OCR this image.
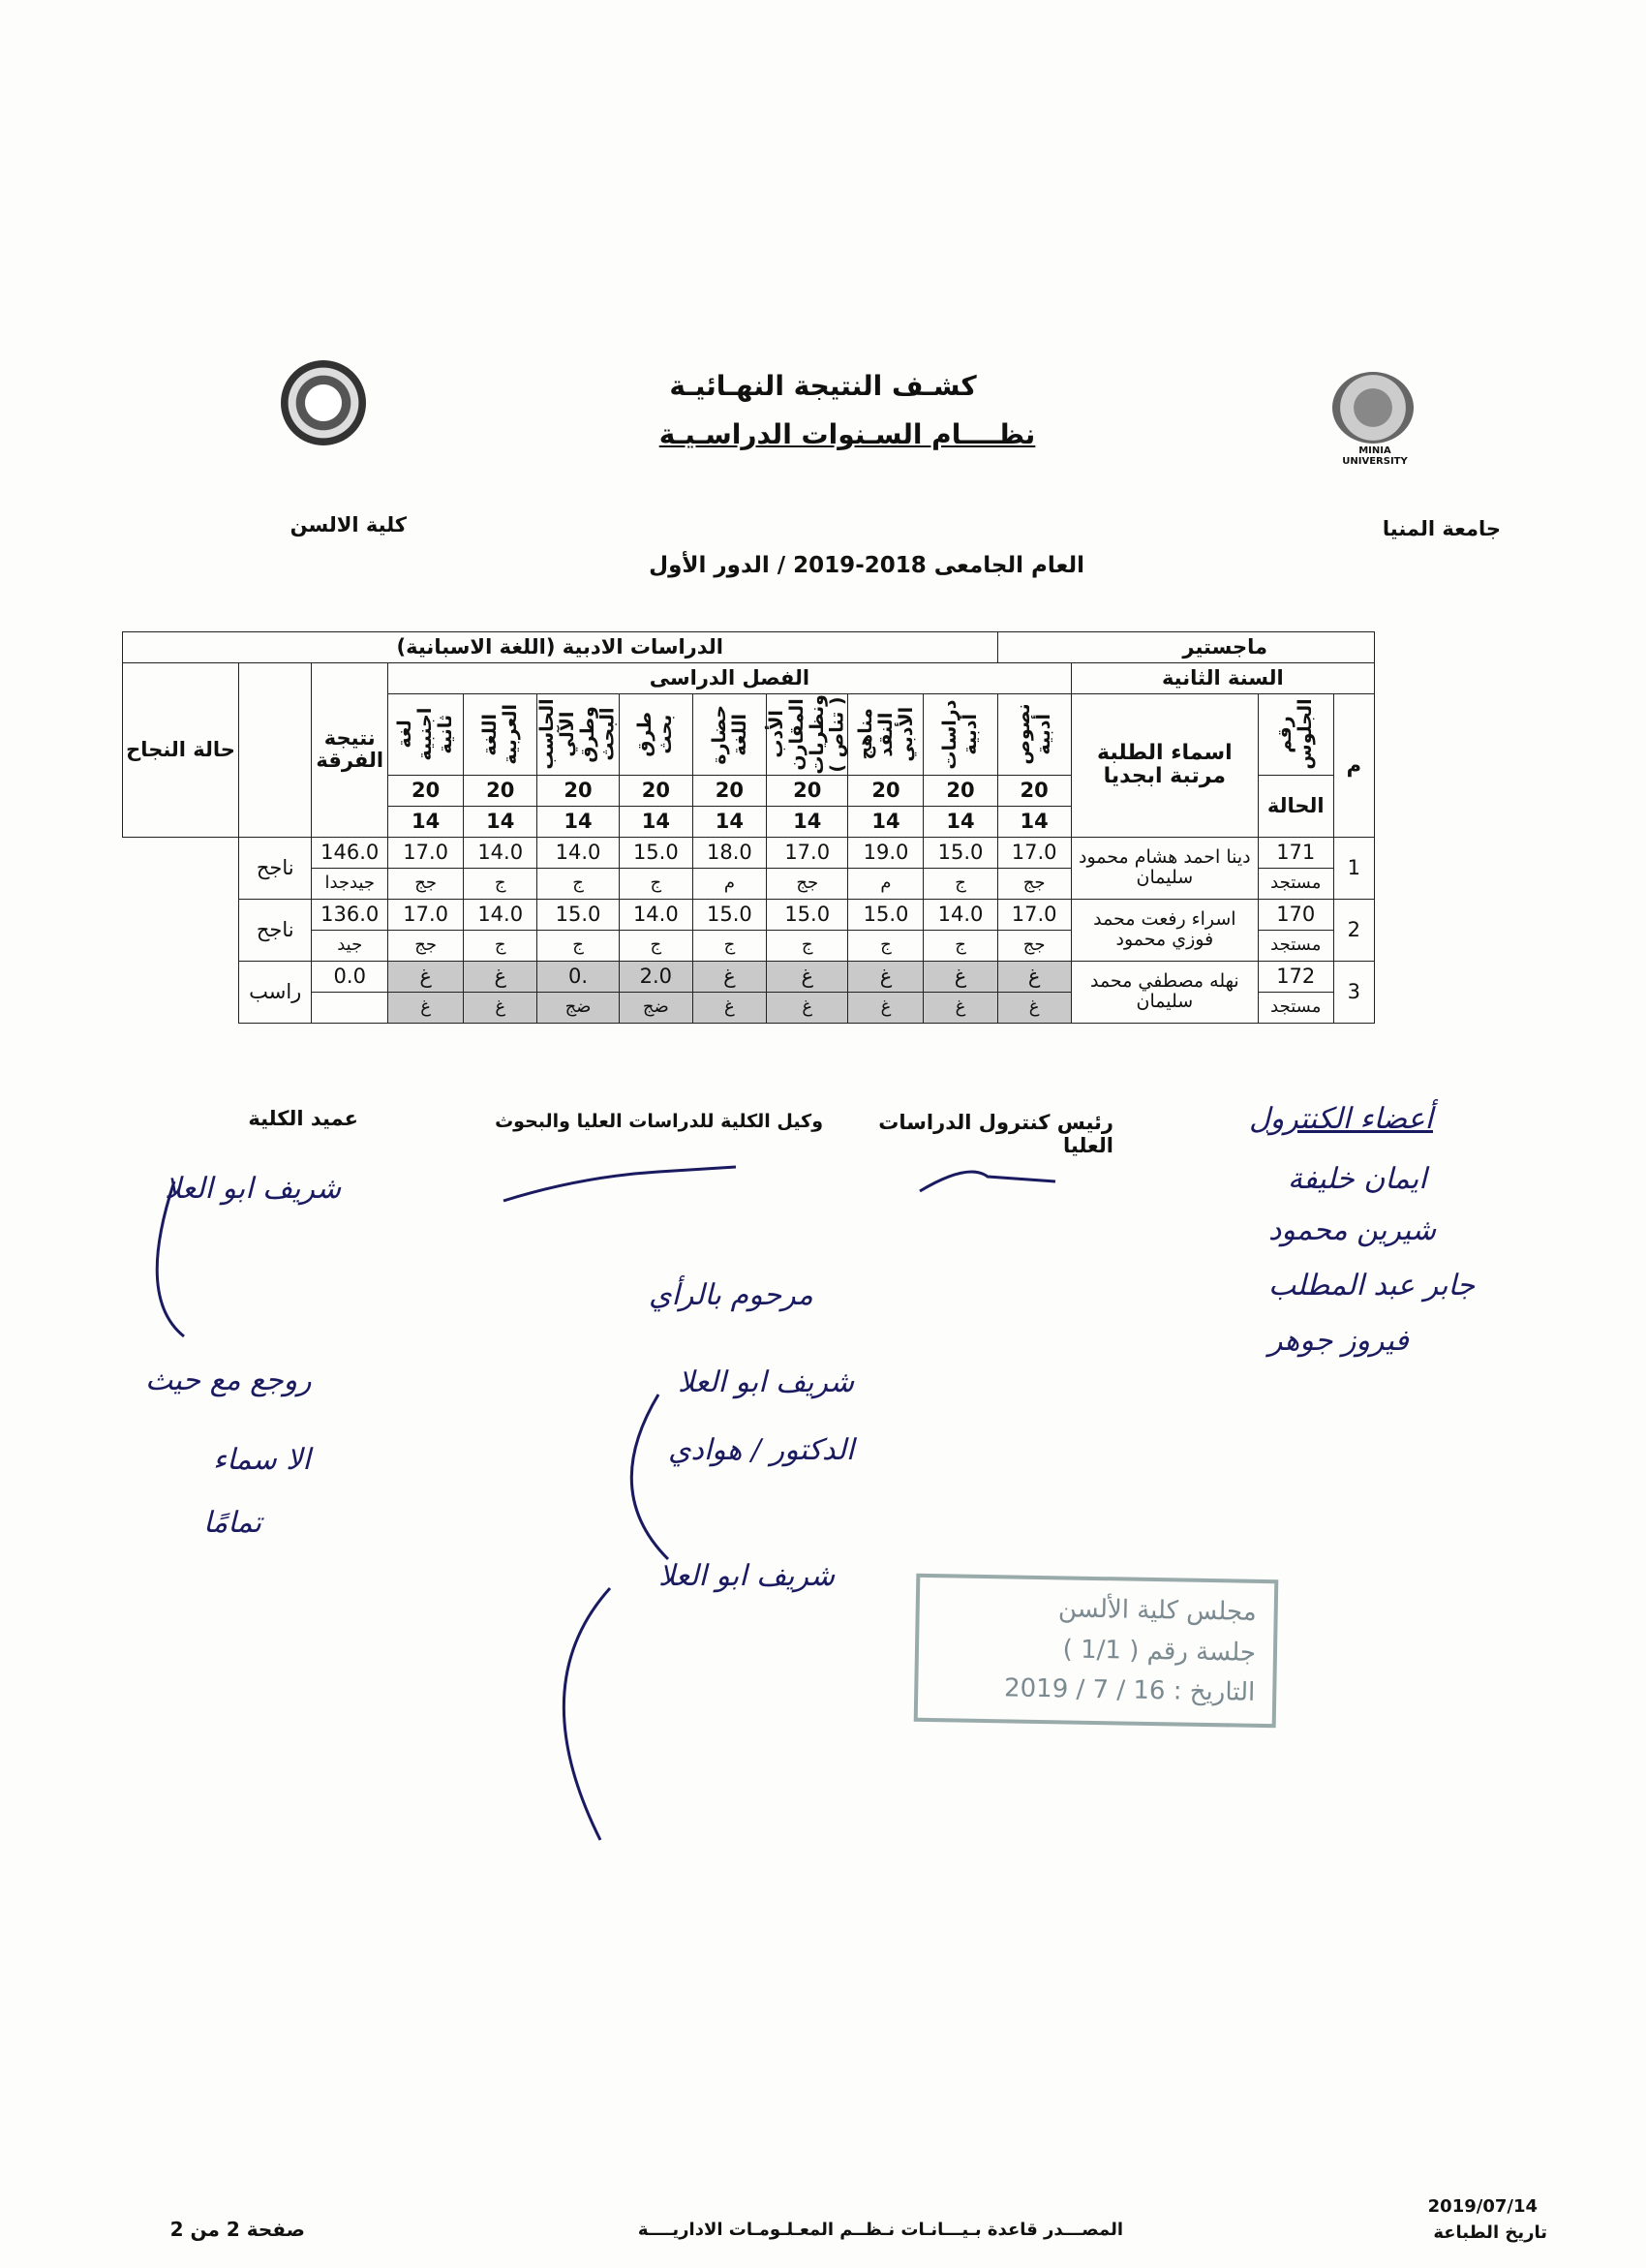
MINIA UNIVERSITY
كشـف النتيجة النهـائيـة
نظــــام السـنوات الدراسـيـة
جامعة المنيا
كلية الالسن
العام الجامعى 2018-2019 / الدور الأول
ماجستير				الدراسات الادبية (اللغة الاسبانية)										
السنة الثانية			الفصل الدراسى									نتيجة الفرقة		حالة النجاح
م	رقم الجلوس	اسماء الطلبة مرتبة ابجديا	نصوص أدبية	دراسات أدبية	مناهج النقد الأدبي	الأدب المقارن ونظريات ( تناص )	حضارة اللغة	طرق بحث	الحاسب الآلي وطرق البحث	اللغة العربية	لغة اجنبية ثانية			

	الحالة		20	20	20	20	20	20	20	20	20			
			14	14	14	14	14	14	14	14	14			
1	171	دينا احمد هشام محمود سليمان	17.0	15.0	19.0	17.0	18.0	15.0	14.0	14.0	17.0	146.0	ناجح	
	مستجد		جج	ج	م	جج	م	ج	ج	ج	جج	جيدجدا		
2	170	اسراء رفعت محمد فوزي محمود	17.0	14.0	15.0	15.0	15.0	14.0	15.0	14.0	17.0	136.0	ناجح	
	مستجد		جج	ج	ج	ج	ج	ج	ج	ج	جج	جيد		
3	172	نهله مصطفي محمد سليمان	غ	غ	غ	غ	غ	2.0	.0	غ	غ	0.0	راسب	
	مستجد		غ	غ	غ	غ	غ	ضج	ضج	غ	غ			
أعضاء الكنترول
رئيس كنترول الدراسات العليا
وكيل الكلية للدراسات العليا والبحوث
عميد الكلية
ايمان خليفة
شيرين محمود
جابر عبد المطلب
فيروز جوهر
شريف ابو العلا
روجع مع حيث
الا سماء
تمامًا
مرحوم بالرأي
شريف ابو العلا
الدكتور / هوادي
شريف ابو العلا
مجلس كلية الألسن
جلسة رقم ( 1/1 )
التاريخ : 16 / 7 / 2019
2019/07/14
تاريخ الطباعة
المصـــدر قاعدة بـيـــانـات نـظــم المعـلـومـات الاداريــــة
صفحة 2 من 2
